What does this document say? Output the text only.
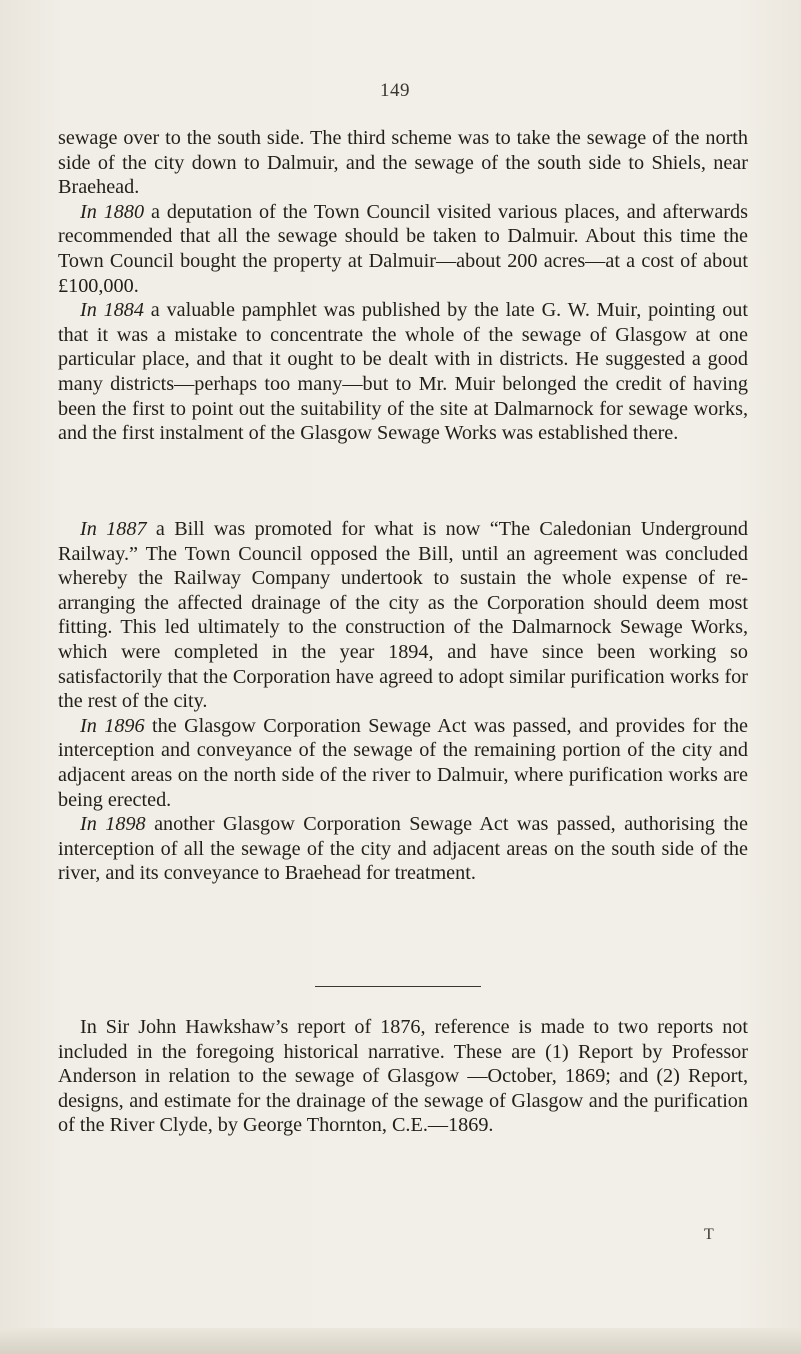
149

sewage over to the south side. The third scheme was to take the sewage of the north side of the city down to Dalmuir, and the sewage of the south side to Shiels, near Braehead.

In 1880 a deputation of the Town Council visited various places, and afterwards recommended that all the sewage should be taken to Dalmuir. About this time the Town Council bought the property at Dalmuir—about 200 acres—at a cost of about £100,000.

In 1884 a valuable pamphlet was published by the late G. W. Muir, pointing out that it was a mistake to concentrate the whole of the sewage of Glasgow at one particular place, and that it ought to be dealt with in districts. He suggested a good many districts—perhaps too many—but to Mr. Muir belonged the credit of having been the first to point out the suitability of the site at Dalmarnock for sewage works, and the first instalment of the Glasgow Sewage Works was established there.

In 1887 a Bill was promoted for what is now “The Caledonian Underground Railway.” The Town Council opposed the Bill, until an agreement was concluded whereby the Railway Company undertook to sustain the whole expense of re-arranging the affected drainage of the city as the Corporation should deem most fitting. This led ultimately to the construction of the Dalmarnock Sewage Works, which were completed in the year 1894, and have since been working so satisfactorily that the Corporation have agreed to adopt similar purification works for the rest of the city.

In 1896 the Glasgow Corporation Sewage Act was passed, and provides for the interception and conveyance of the sewage of the remaining portion of the city and adjacent areas on the north side of the river to Dalmuir, where purification works are being erected.

In 1898 another Glasgow Corporation Sewage Act was passed, authorising the interception of all the sewage of the city and adjacent areas on the south side of the river, and its conveyance to Braehead for treatment.

In Sir John Hawkshaw’s report of 1876, reference is made to two reports not included in the foregoing historical narrative. These are (1) Report by Professor Anderson in relation to the sewage of Glasgow —October, 1869; and (2) Report, designs, and estimate for the drainage of the sewage of Glasgow and the purification of the River Clyde, by George Thornton, C.E.—1869.

T
